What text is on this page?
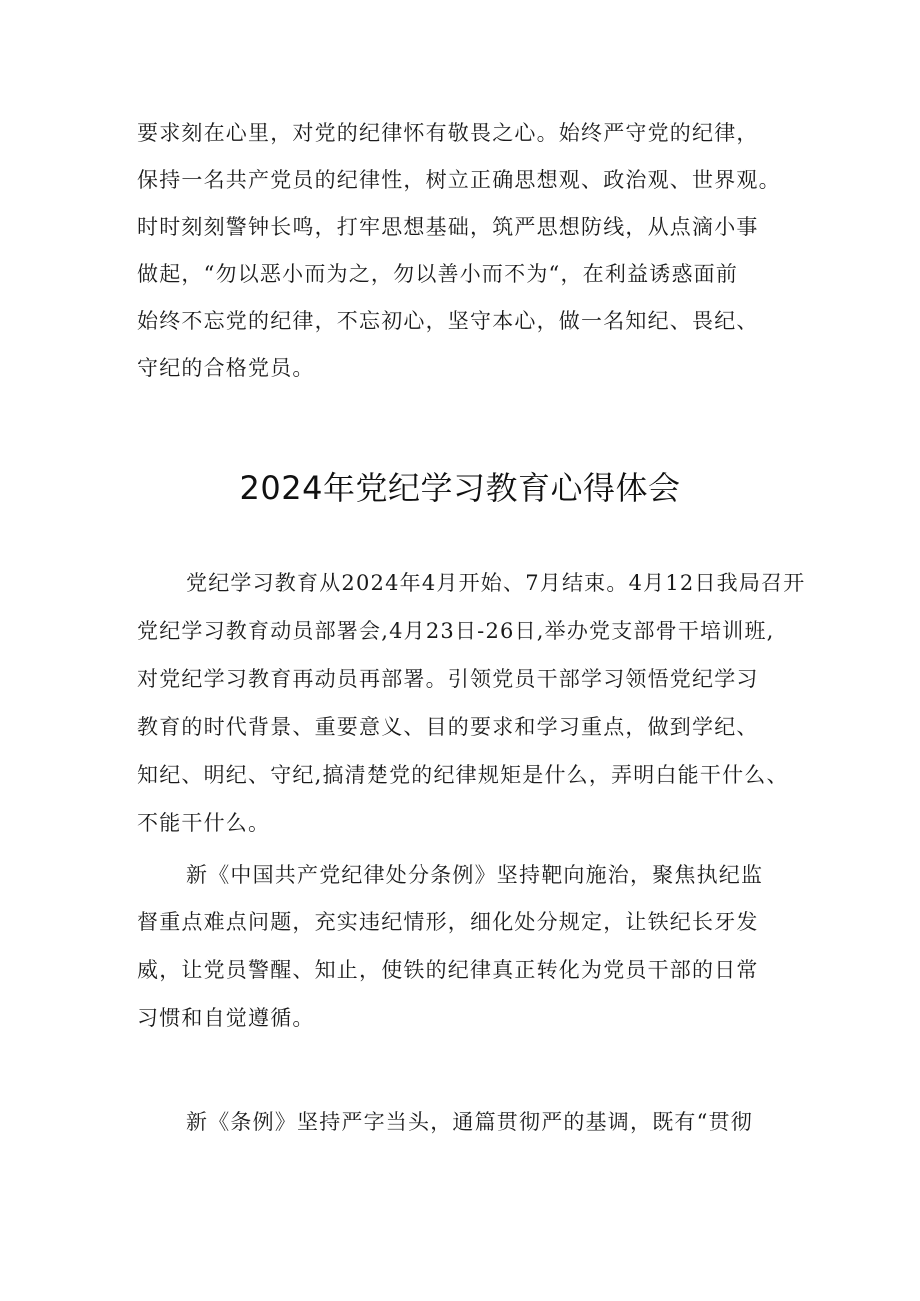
要求刻在心里，对党的纪律怀有敬畏之心。始终严守党的纪律，
保持一名共产党员的纪律性，树立正确思想观、政治观、世界观。
时时刻刻警钟长鸣，打牢思想基础，筑严思想防线，从点滴小事
做起，“勿以恶小而为之，勿以善小而不为“，在利益诱惑面前
始终不忘党的纪律，不忘初心，坚守本心，做一名知纪、畏纪、
守纪的合格党员。
2024年党纪学习教育心得体会
党纪学习教育从2024年4月开始、7月结束。4月12日我局召开
党纪学习教育动员部署会,4月23日-26日,举办党支部骨干培训班,
对党纪学习教育再动员再部署。引领党员干部学习领悟党纪学习
教育的时代背景、重要意义、目的要求和学习重点，做到学纪、
知纪、明纪、守纪,搞清楚党的纪律规矩是什么，弄明白能干什么、
不能干什么。
新《中国共产党纪律处分条例》坚持靶向施治，聚焦执纪监
督重点难点问题，充实违纪情形，细化处分规定，让铁纪长牙发
威，让党员警醒、知止，使铁的纪律真正转化为党员干部的日常
习惯和自觉遵循。
新《条例》坚持严字当头，通篇贯彻严的基调，既有“贯彻
